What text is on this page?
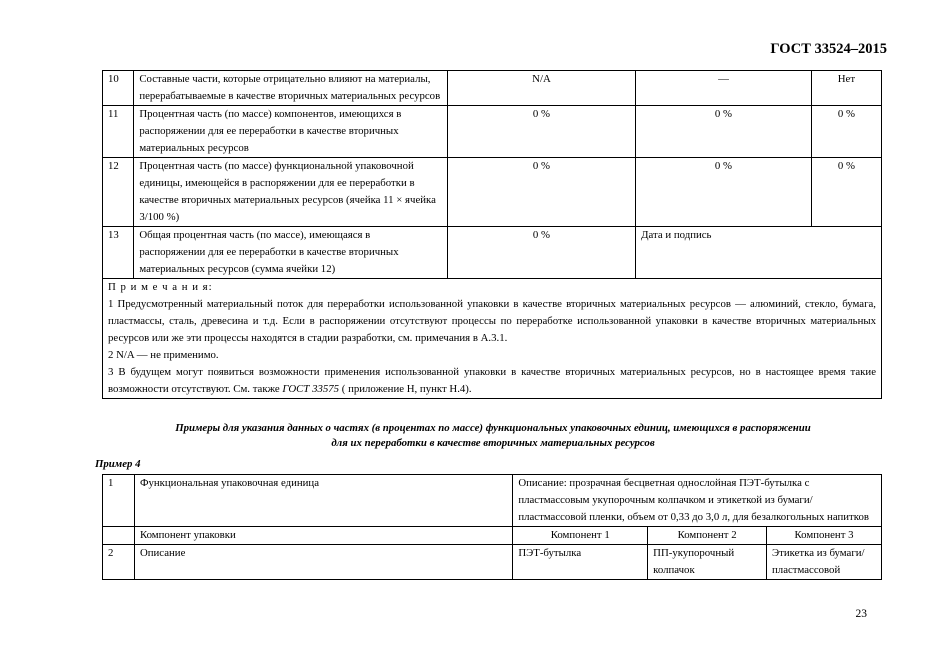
ГОСТ 33524–2015
10	Составные части, которые отрицательно влияют на материалы, перерабатываемые в качестве вторичных материальных ресурсов	N/A	—	Нет
11	Процентная часть (по массе) компонентов, имеющихся в распоряжении для ее переработки в качестве вторичных материальных ресурсов	0 %	0 %	0 %
12	Процентная часть (по массе) функциональной упаковочной единицы, имеющейся в распоряжении для ее переработки в качестве вторичных материальных ресурсов (ячейка 11 × ячейка 3/100 %)	0 %	0 %	0 %
13	Общая процентная часть (по массе), имеющаяся в распоряжении для ее переработки в качестве вторичных материальных ресурсов (сумма ячейки 12)	0 %	Дата и подпись	

П р и м е ч а н и я:

1 Предусмотренный материальный поток для переработки использованной упаковки в качестве вторичных материальных ресурсов — алюминий, стекло, бумага, пластмассы, сталь, древесина и т.д. Если в распоряжении отсутствуют процессы по переработке использованной упаковки в качестве вторичных материальных ресурсов или же эти процессы находятся в стадии разработки, см. примечания в А.3.1.

2 N/A — не применимо.

3 В будущем могут появиться возможности применения использованной упаковки в качестве вторичных материальных ресурсов, но в настоящее время такие возможности отсутствуют. См. также ГОСТ 33575 ( приложение Н, пункт Н.4).				

Примеры для указания данных о частях (в процентах по массе) функциональных упаковочных единиц, имеющихся в распоряжении
для их переработки в качестве вторичных материальных ресурсов
Пример 4
1	Функциональная упаковочная единица	Описание: прозрачная бесцветная однослойная ПЭТ-бутылка с пластмассовым укупорочным колпачком и этикеткой из бумаги/пластмассовой пленки, объем от 0,33 до 3,0 л, для безалкогольных напитков		
	Компонент упаковки	Компонент 1	Компонент 2	Компонент 3
2	Описание	ПЭТ-бутылка	ПП-укупорочный колпачок	Этикетка из бумаги/пластмассовой
23
